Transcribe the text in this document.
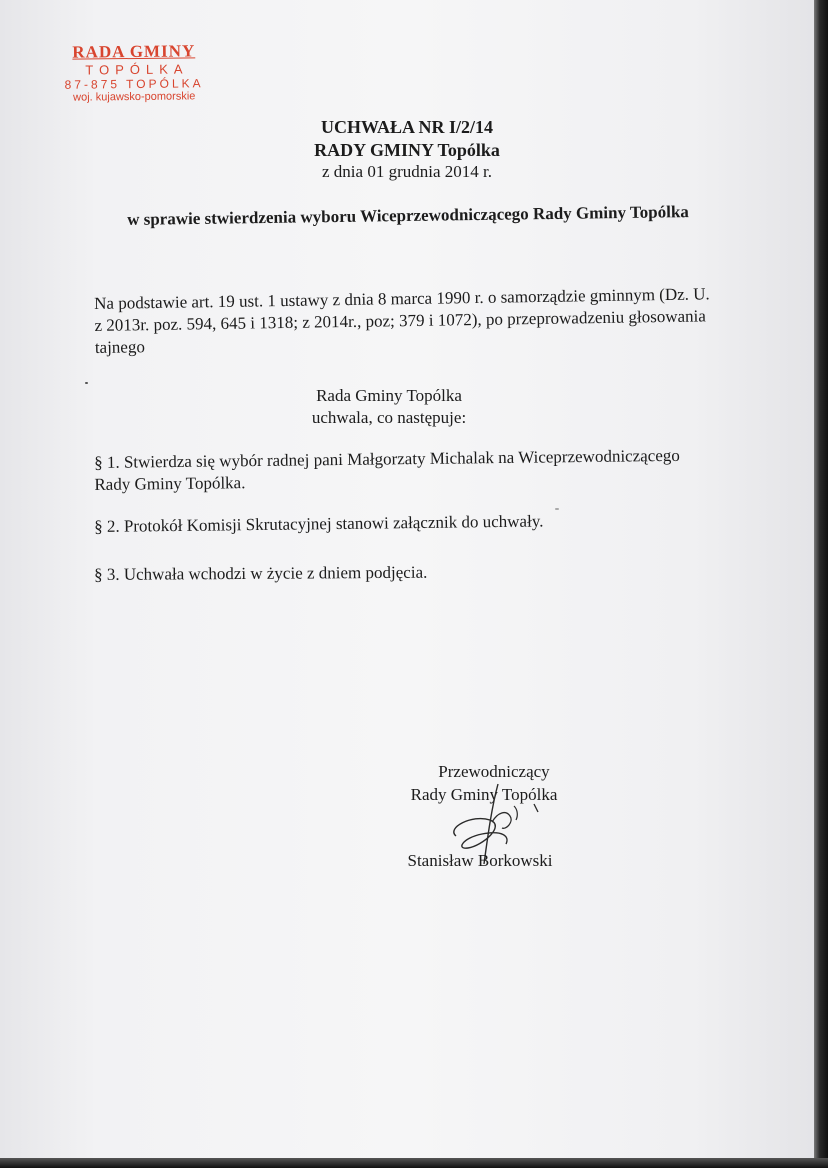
RADA GMINY
TOPÓLKA
87-875 TOPÓLKA
woj. kujawsko-pomorskie
UCHWAŁA NR I/2/14
RADY GMINY Topólka
z dnia 01 grudnia 2014 r.
w sprawie stwierdzenia wyboru Wiceprzewodniczącego Rady Gminy Topólka
Na podstawie art. 19 ust. 1 ustawy z dnia 8 marca 1990 r. o samorządzie gminnym (Dz. U. z 2013r. poz. 594, 645 i 1318; z 2014r., poz; 379 i 1072), po przeprowadzeniu głosowania tajnego
Rada Gminy Topólka
uchwala, co następuje:
§ 1. Stwierdza się wybór radnej pani Małgorzaty Michalak na Wiceprzewodniczącego Rady Gminy Topólka.
§ 2. Protokół Komisji Skrutacyjnej stanowi załącznik do uchwały.
§ 3. Uchwała wchodzi w życie z dniem podjęcia.
Przewodniczący
Rady Gminy Topólka
Stanisław Borkowski
